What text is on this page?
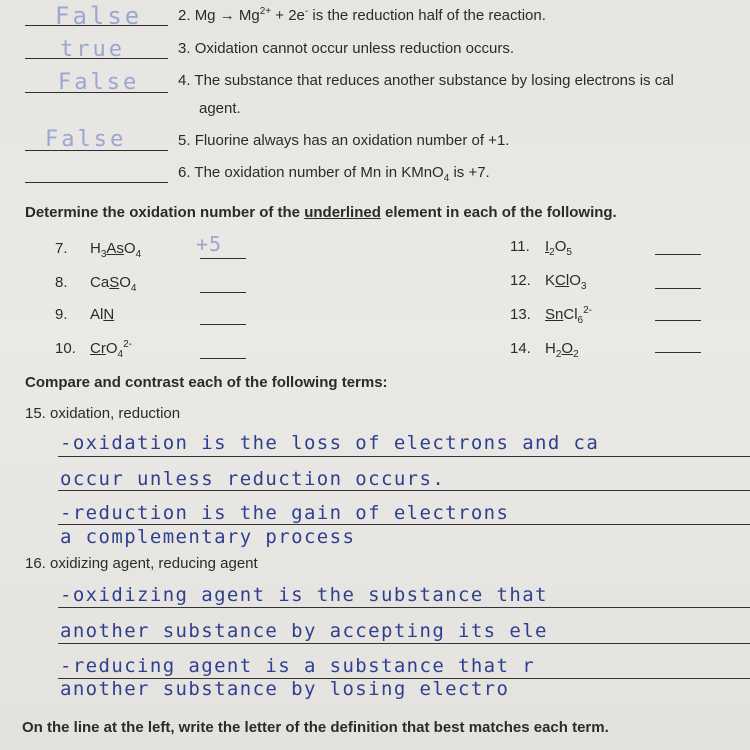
False 2. $Mg \to Mg^{2+} + 2e^-$ is the reduction half of the reaction.
true	3. Oxidation cannot occur unless reduction occurs.
False	4. The substance that reduces another substance by losing electrons is cal
agent.
False	5. Fluorine always has an oxidation number of +1.
6. The oxidation number of Mn in KMnO$_4$ is +7.
Determine the oxidation number of the underlined element in each of the following.
7. $H_3AsO_4$	+5
8. CaSO$_4$
9. AlN
10. CrO$_4^{2-}$
11. $I_2O_5$
12. KClO$_3$
13. SnCl$_6^{2-}$
14. $H_2O_2$
Compare and contrast each of the following terms:
15. oxidation, reduction
-oxidation is the loss of electrons and ca
occur unless reduction occurs.
-reduction is the gain of electrons
a complementary process
16. oxidizing agent, reducing agent
-oxidizing agent is the substance that
another substance by accepting its ele
-reducing agent is a substance that r
another substance by losing electro
On the line at the left, write the letter of the definition that best matches each term.
